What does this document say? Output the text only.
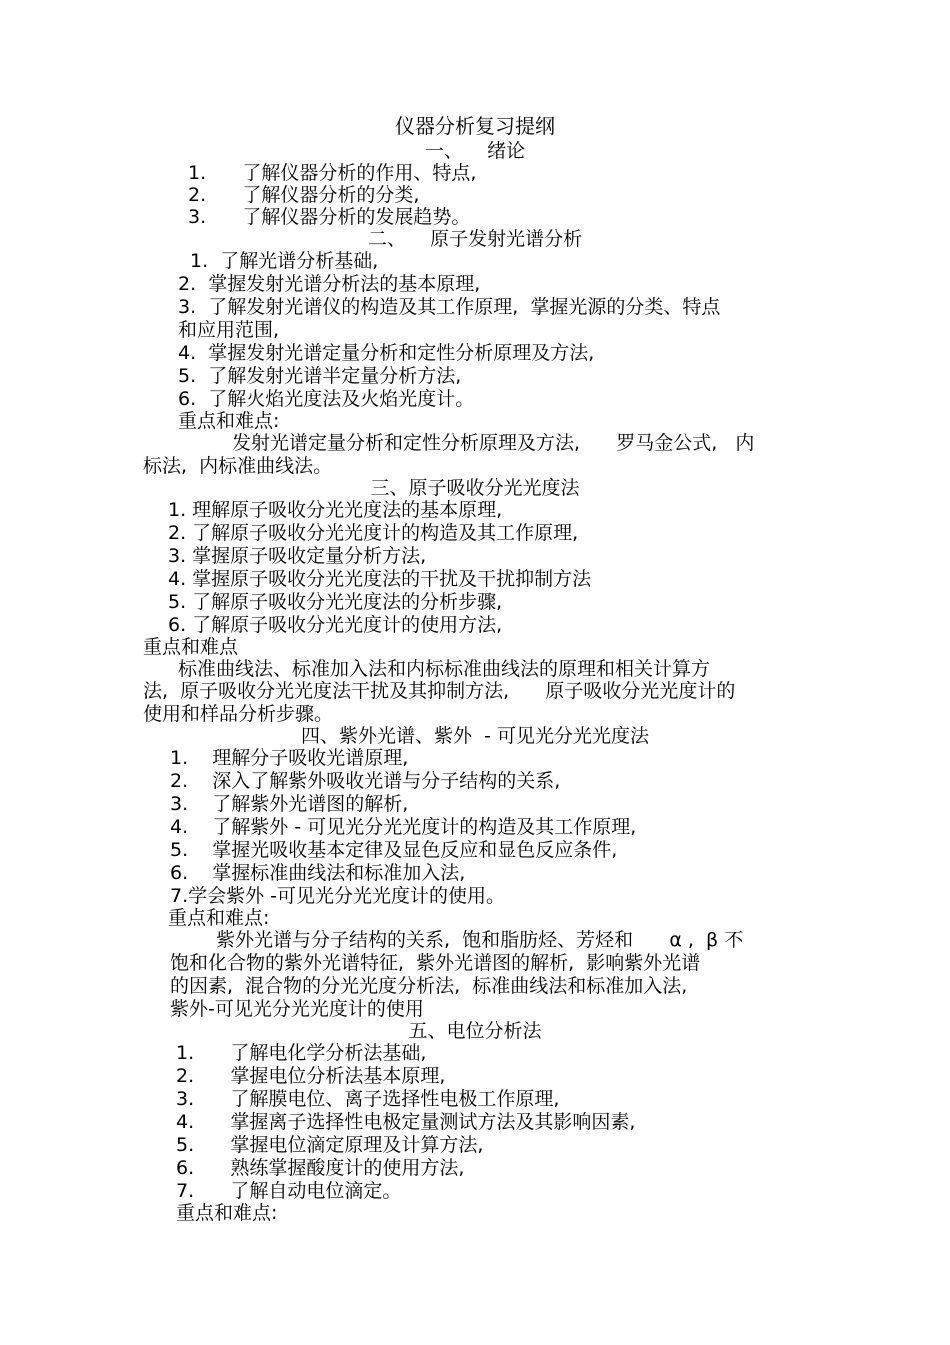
仪器分析复习提纲
一、    绪论
1.      了解仪器分析的作用、特点,
2.      了解仪器分析的分类,
3.      了解仪器分析的发展趋势。
二、    原子发射光谱分析
1.  了解光谱分析基础,
2.  掌握发射光谱分析法的基本原理,
3.  了解发射光谱仪的构造及其工作原理,  掌握光源的分类、特点
和应用范围,
4.  掌握发射光谱定量分析和定性分析原理及方法,
5.  了解发射光谱半定量分析方法,
6.  了解火焰光度法及火焰光度计。
重点和难点:
发射光谱定量分析和定性分析原理及方法,      罗马金公式,   内
标法,  内标准曲线法。
三、原子吸收分光光度法
1. 理解原子吸收分光光度法的基本原理,
2. 了解原子吸收分光光度计的构造及其工作原理,
3. 掌握原子吸收定量分析方法,
4. 掌握原子吸收分光光度法的干扰及干扰抑制方法
5. 了解原子吸收分光光度法的分析步骤,
6. 了解原子吸收分光光度计的使用方法,
重点和难点
标准曲线法、标准加入法和内标标准曲线法的原理和相关计算方
法,  原子吸收分光光度法干扰及其抑制方法,      原子吸收分光光度计的
使用和样品分析步骤。
四、紫外光谱、紫外  - 可见光分光光度法
1.    理解分子吸收光谱原理,
2.    深入了解紫外吸收光谱与分子结构的关系,
3.    了解紫外光谱图的解析,
4.    了解紫外 - 可见光分光光度计的构造及其工作原理,
5.    掌握光吸收基本定律及显色反应和显色反应条件,
6.    掌握标准曲线法和标准加入法,
7.学会紫外 -可见光分光光度计的使用。
重点和难点:
紫外光谱与分子结构的关系,  饱和脂肪烃、芳烃和      α ,  β 不
饱和化合物的紫外光谱特征,  紫外光谱图的解析,  影响紫外光谱
的因素,  混合物的分光光度分析法,  标准曲线法和标准加入法,
紫外-可见光分光光度计的使用
五、电位分析法
1.      了解电化学分析法基础,
2.      掌握电位分析法基本原理,
3.      了解膜电位、离子选择性电极工作原理,
4.      掌握离子选择性电极定量测试方法及其影响因素,
5.      掌握电位滴定原理及计算方法,
6.      熟练掌握酸度计的使用方法,
7.      了解自动电位滴定。
重点和难点:
